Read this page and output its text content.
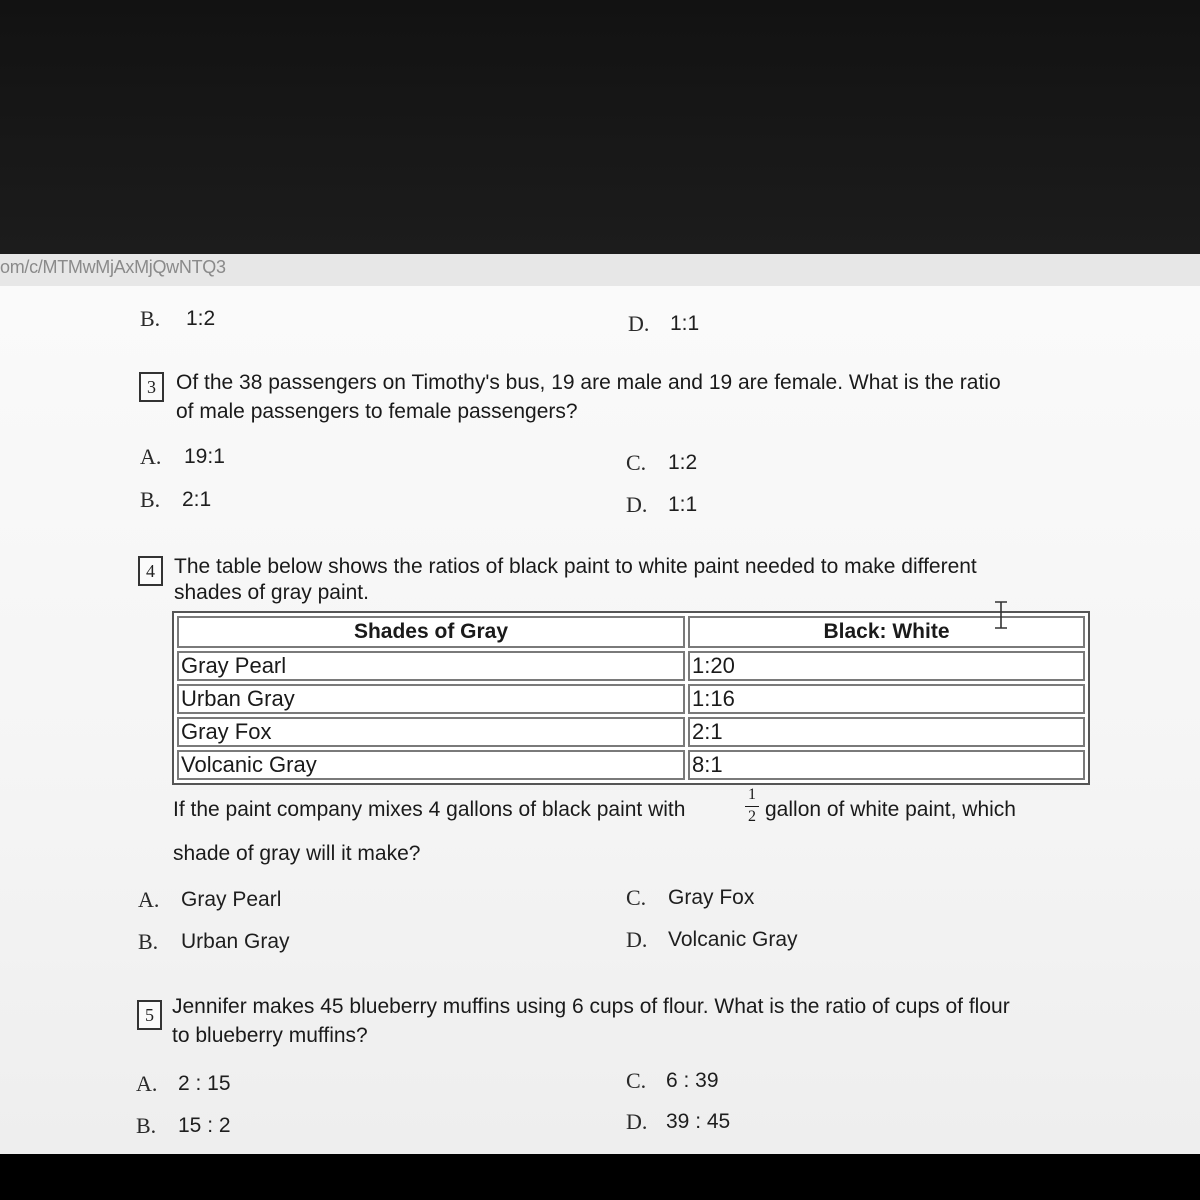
om/c/MTMwMjAxMjQwNTQ3
B. 1:2	D. 1:1
3 Of the 38 passengers on Timothy's bus, 19 are male and 19 are female. What is the ratio
of male passengers to female passengers?
A. 19:1
B. 2:1
C. 1:2
D. 1:1
4 The table below shows the ratios of black paint to white paint needed to make different
shades of gray paint.
Shades of Gray	Black: White
Gray Pearl	1:20
Urban Gray	1:16
Gray Fox	2:1
Volcanic Gray	8:1
If the paint company mixes 4 gallons of black paint with
1
2 gallon of white paint, which
shade of gray will it make?
A. Gray Pearl
B. Urban Gray
C. Gray Fox
D. Volcanic Gray
5 Jennifer makes 45 blueberry muffins using 6 cups of flour. What is the ratio of cups of flour
to blueberry muffins?
A. 2 : 15
B. 15 : 2
C. 6 : 39
D. 39 : 45
